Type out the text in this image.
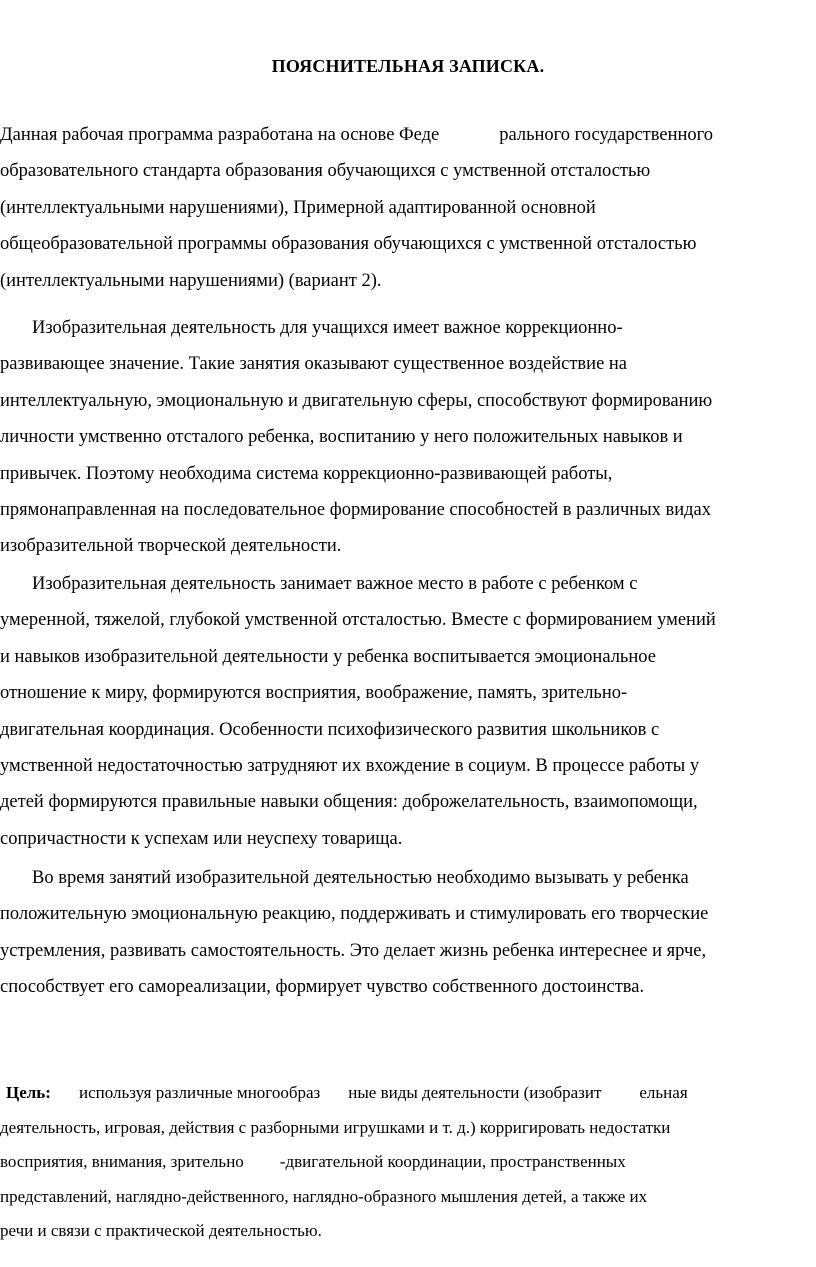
ПОЯСНИТЕЛЬНАЯ ЗАПИСКА.

Данная рабочая программа разработана на основе Феде	рального государственного
образовательного стандарта образования обучающихся с умственной отсталостью
(интеллектуальными нарушениями), Примерной адаптированной основной
общеобразовательной программы образования обучающихся с умственной отсталостью
(интеллектуальными нарушениями) (вариант 2).

Изобразительная деятельность для учащихся имеет важное коррекционно-
развивающее значение. Такие занятия оказывают существенное воздействие на
интеллектуальную, эмоциональную и двигательную сферы, способствуют формированию
личности умственно отсталого ребенка, воспитанию у него положительных навыков и
привычек. Поэтому необходима система коррекционно-развивающей работы,
прямонаправленная на последовательное формирование способностей в различных видах
изобразительной творческой деятельности.

Изобразительная деятельность занимает важное место в работе с ребенком с
умеренной, тяжелой, глубокой умственной отсталостью. Вместе с формированием умений
и навыков изобразительной деятельности у ребенка воспитывается эмоциональное
отношение к миру, формируются восприятия, воображение, память, зрительно-
двигательная координация. Особенности психофизического развития школьников с
умственной недостаточностью затрудняют их вхождение в социум. В процессе работы у
детей формируются правильные навыки общения: доброжелательность, взаимопомощи,
сопричастности к успехам или неуспеху товарища.

Во время занятий изобразительной деятельностью необходимо вызывать у ребенка
положительную эмоциональную реакцию, поддерживать и стимулировать его творческие
устремления, развивать самостоятельность. Это делает жизнь ребенка интереснее и ярче,
способствует его самореализации, формирует чувство собственного достоинства.

Цель: используя различные многообраз ные виды деятельности (изобразит ельная
деятельность, игровая, действия с разборными игрушками и т. д.) корригировать недостатки
восприятия, внимания, зрительно -двигательной координации, пространственных
представлений, наглядно-действенного, наглядно-образного мышления детей, а также их
речи и связи с практической деятельностью.
